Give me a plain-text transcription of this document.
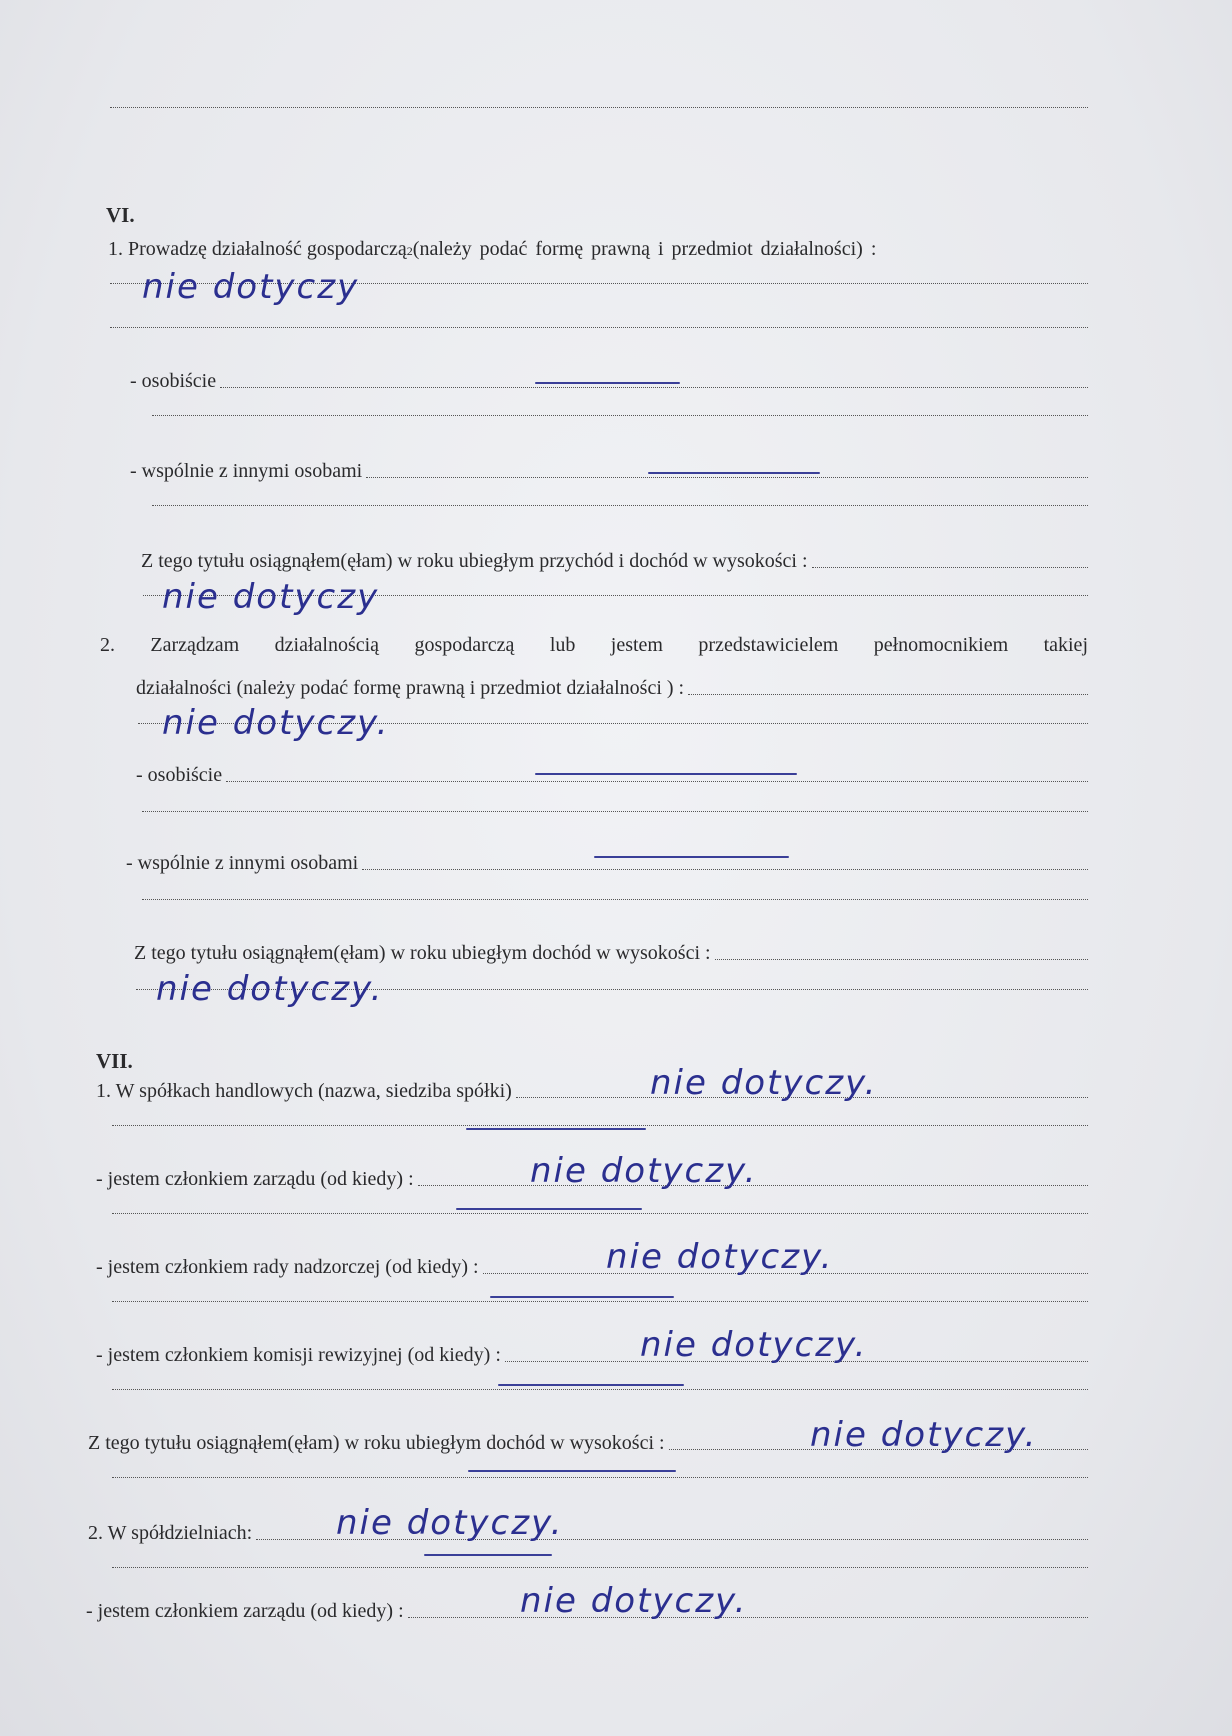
VI.
1. Prowadzę działalność gospodarczą 2 (należy podać formę prawną i przedmiot działalności) :
nie dotyczy
- osobiście
- wspólnie z innymi osobami
Z tego tytułu osiągnąłem(ęłam) w roku ubiegłym przychód i dochód w wysokości :
nie dotyczy
2. Zarządzam działalnością gospodarczą lub jestem przedstawicielem pełnomocnikiem takiej
działalności (należy podać formę prawną i przedmiot działalności ) :
nie dotyczy.
- osobiście
- wspólnie z innymi osobami
Z tego tytułu osiągnąłem(ęłam) w roku ubiegłym dochód w wysokości :
nie dotyczy.
VII.
1. W spółkach handlowych (nazwa, siedziba spółki)	nie dotyczy.
- jestem członkiem zarządu (od kiedy) :	nie dotyczy.
- jestem członkiem rady nadzorczej (od kiedy) :	nie dotyczy.
- jestem członkiem komisji rewizyjnej (od kiedy) :	nie dotyczy.
Z tego tytułu osiągnąłem(ęłam) w roku ubiegłym dochód w wysokości :	nie dotyczy.
2. W spółdzielniach: nie dotyczy.
- jestem członkiem zarządu (od kiedy) :	nie dotyczy.
